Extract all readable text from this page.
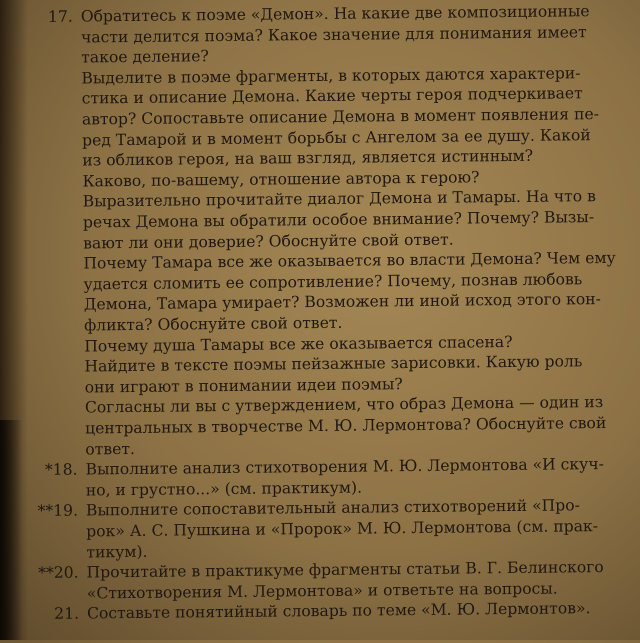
17. Обратитесь к поэме «Демон». На какие две композиционные
части делится поэма? Какое значение для понимания имеет
такое деление?
Выделите в поэме фрагменты, в которых даются характери-
стика и описание Демона. Какие черты героя подчеркивает
автор? Сопоставьте описание Демона в момент появления пе-
ред Тамарой и в момент борьбы с Ангелом за ее душу. Какой
из обликов героя, на ваш взгляд, является истинным?
Каково, по-вашему, отношение автора к герою?
Выразительно прочитайте диалог Демона и Тамары. На что в
речах Демона вы обратили особое внимание? Почему? Вызы-
вают ли они доверие? Обоснуйте свой ответ.
Почему Тамара все же оказывается во власти Демона? Чем ему
удается сломить ее сопротивление? Почему, познав любовь
Демона, Тамара умирает? Возможен ли иной исход этого кон-
фликта? Обоснуйте свой ответ.
Почему душа Тамары все же оказывается спасена?
Найдите в тексте поэмы пейзажные зарисовки. Какую роль
они играют в понимании идеи поэмы?
Согласны ли вы с утверждением, что образ Демона — один из
центральных в творчестве М. Ю. Лермонтова? Обоснуйте свой
ответ.
*18. Выполните анализ стихотворения М. Ю. Лермонтова «И скуч-
но, и грустно...» (см. практикум).
**19. Выполните сопоставительный анализ стихотворений «Про-
рок» А. С. Пушкина и «Пророк» М. Ю. Лермонтова (см. прак-
тикум).
**20. Прочитайте в практикуме фрагменты статьи В. Г. Белинского
«Стихотворения М. Лермонтова» и ответьте на вопросы.
21. Составьте понятийный словарь по теме «М. Ю. Лермонтов».
